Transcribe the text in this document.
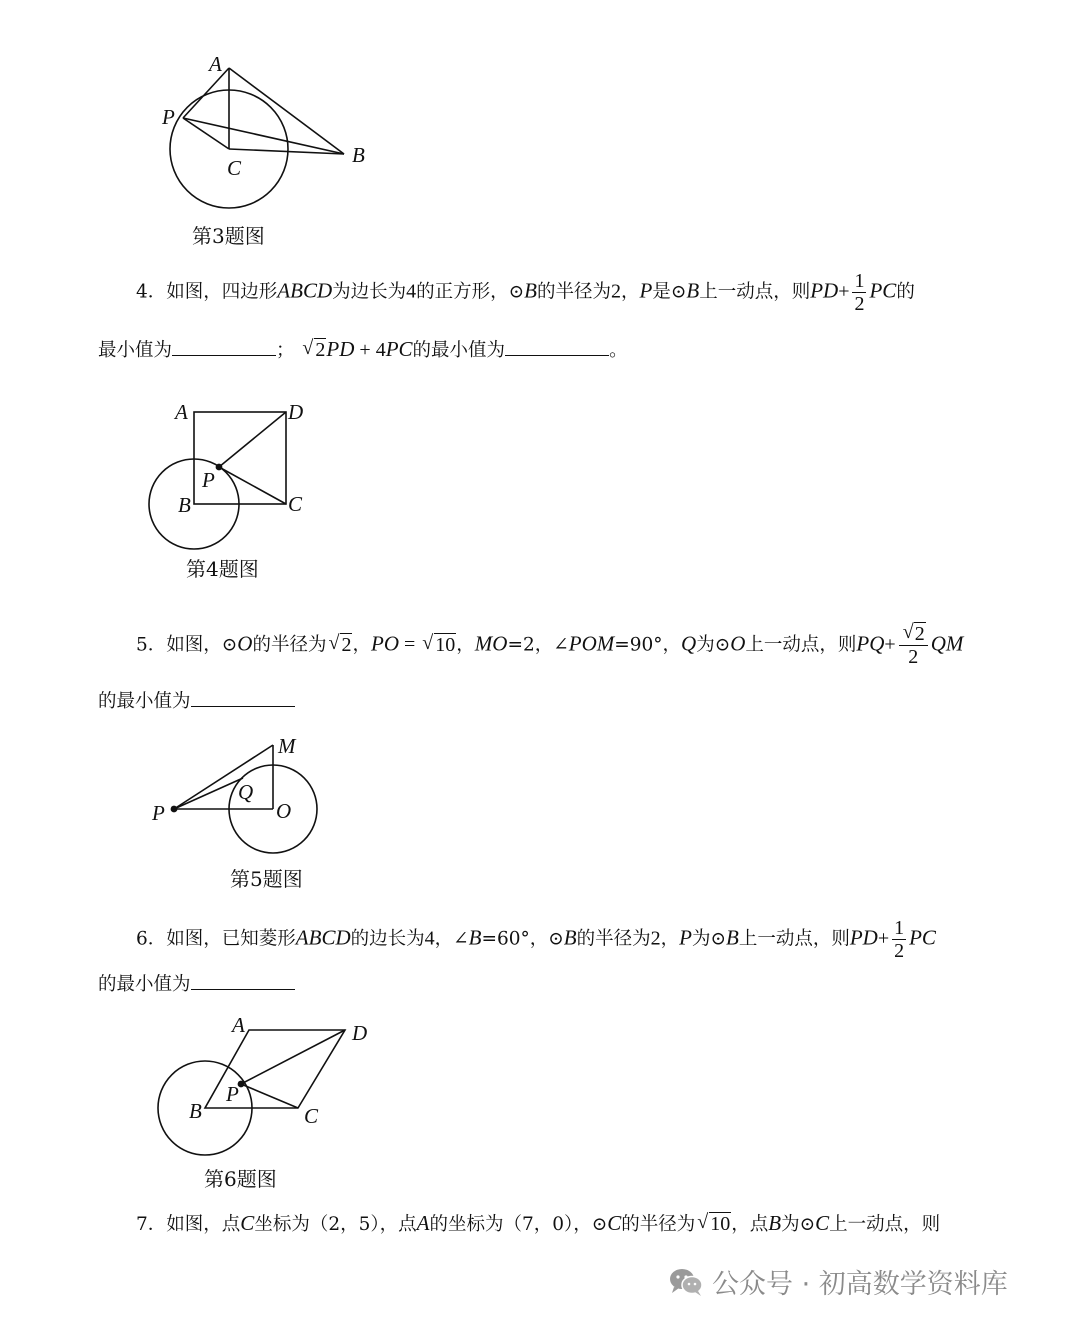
A
P
C
B
第3题图
4．如图，四边形ABCD为边长为4的正方形，⊙B的半径为2，P是⊙B上一动点，则$PD+ \frac{1}{2}$ PC的
最小值为	； √ 2PD + 4PC的最小值为	。
A	D
P
B	C
第4题图
5．如图，⊙O的半径为 √ 2，PO = √ 10，MO=2，∠POM=90°，Q为⊙O上一动点，则$PQ+ \frac{√ 2}{2}$ QM
的最小值为
M
Q
P	O
第5题图
6．如图，已知菱形ABCD的边长为4，∠B=60°，⊙B的半径为2，P为⊙B上一动点，则$PD+ \frac{1}{2}$ PC
的最小值为
A	D
P
B	C
第6题图
7．如图，点C坐标为（2，5），点A的坐标为（7，0），⊙C的半径为 √ 10，点B为⊙C上一动点，则
公众号 · 初高数学资料库
